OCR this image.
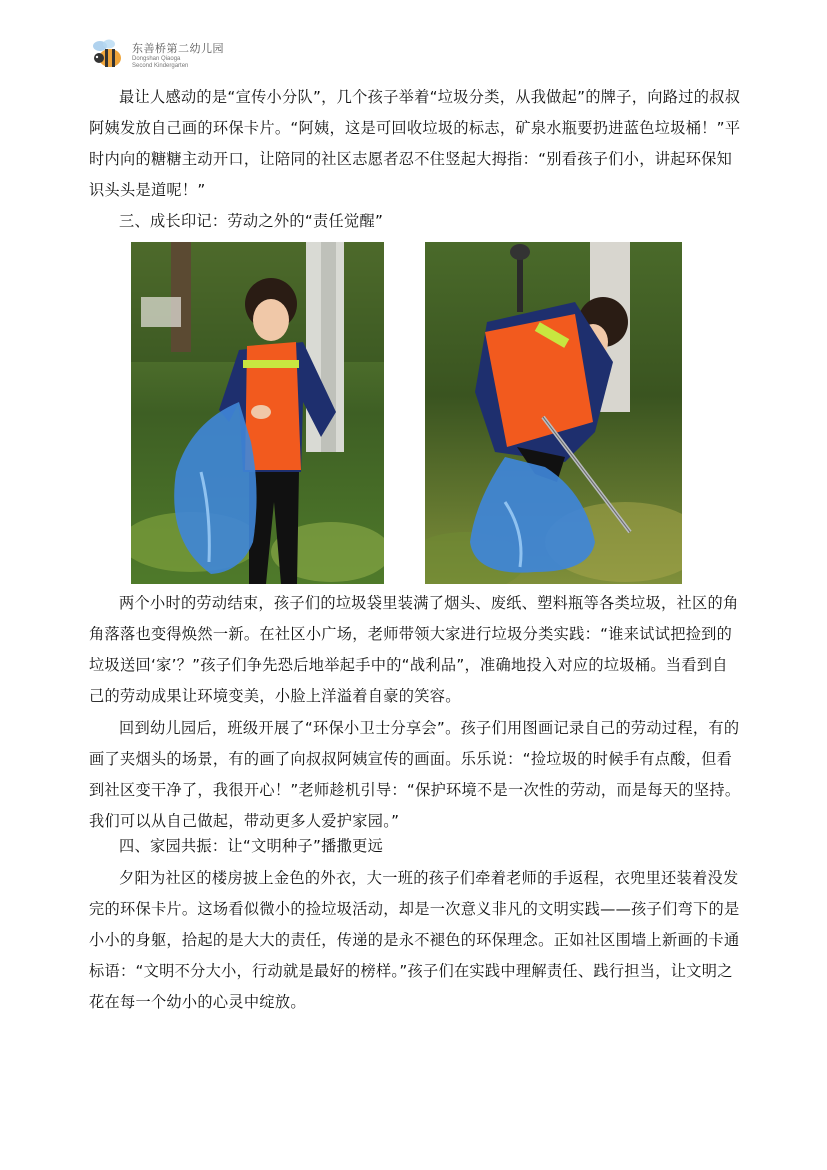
东善桥第二幼儿园
Dongshan Qiaoga
Second Kindergarten
最让人感动的是“宣传小分队”，几个孩子举着“垃圾分类，从我做起”的牌子，向路过的叔叔阿姨发放自己画的环保卡片。“阿姨，这是可回收垃圾的标志，矿泉水瓶要扔进蓝色垃圾桶！”平时内向的糖糖主动开口，让陪同的社区志愿者忍不住竖起大拇指：“别看孩子们小，讲起环保知识头头是道呢！”
三、成长印记：劳动之外的“责任觉醒”
两个小时的劳动结束，孩子们的垃圾袋里装满了烟头、废纸、塑料瓶等各类垃圾，社区的角角落落也变得焕然一新。在社区小广场，老师带领大家进行垃圾分类实践：“谁来试试把捡到的垃圾送回‘家’？”孩子们争先恐后地举起手中的“战利品”，准确地投入对应的垃圾桶。当看到自己的劳动成果让环境变美，小脸上洋溢着自豪的笑容。
回到幼儿园后，班级开展了“环保小卫士分享会”。孩子们用图画记录自己的劳动过程，有的画了夹烟头的场景，有的画了向叔叔阿姨宣传的画面。乐乐说：“捡垃圾的时候手有点酸，但看到社区变干净了，我很开心！”老师趁机引导：“保护环境不是一次性的劳动，而是每天的坚持。我们可以从自己做起，带动更多人爱护家园。”
四、家园共振：让“文明种子”播撒更远
夕阳为社区的楼房披上金色的外衣，大一班的孩子们牵着老师的手返程，衣兜里还装着没发完的环保卡片。这场看似微小的捡垃圾活动，却是一次意义非凡的文明实践——孩子们弯下的是小小的身躯，拾起的是大大的责任，传递的是永不褪色的环保理念。正如社区围墙上新画的卡通标语：“文明不分大小，行动就是最好的榜样。”孩子们在实践中理解责任、践行担当，让文明之花在每一个幼小的心灵中绽放。
